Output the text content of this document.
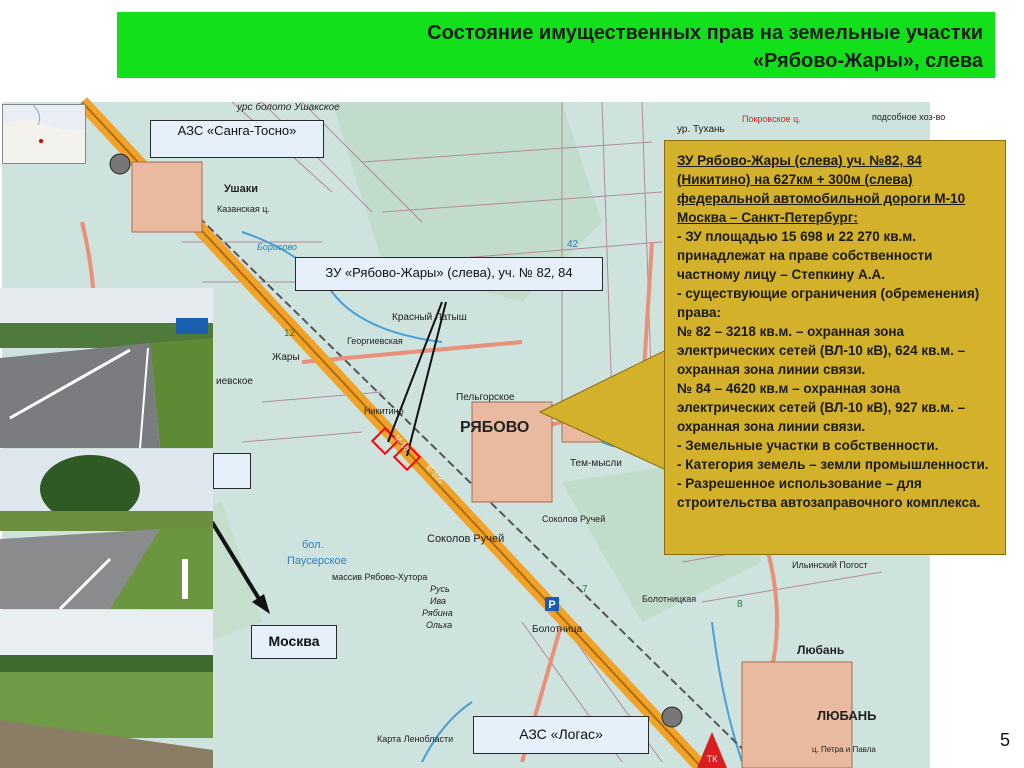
Состояние имущественных прав на земельные участки
«Рябово-Жары», слева
ТК
P
урс болото Ушакское
ур. Тухань
Покровское ц.	подсобное хоз-во
Ушаки
Казанская ц.
Борисово
Красный Латыш
Георгиевская
Жары
иевское
Никитино
Пельгорское
РЯБОВО
Тем-мысли
Соколов Ручей
Соколов Ручей
бол.
Паусерское
массив Рябово-Хутора
Русь
Ива
Рябина
Ольха	Болотница
Болотницкая
Ильинский Погост
Любань
ЛЮБАНЬ
ц. Петра и Павла
Карта Ленобласти
М-10
Е-105
12
7
8
42
АЗС «Санга-Тосно»
ЗУ «Рябово-Жары» (слева), уч. № 82, 84
Москва
АЗС «Логас»

ЗУ Рябово-Жары (слева) уч. №82, 84 (Никитино) на 627км + 300м (слева) федеральной автомобильной дороги М-10 Москва – Санкт-Петербург:

- ЗУ площадью 15 698 и 22 270 кв.м. принадлежат на праве собственности частному лицу – Степкину А.А.

- существующие ограничения (обременения) права:

№ 82 – 3218 кв.м. – охранная зона электрических сетей (ВЛ-10 кВ), 624 кв.м. – охранная зона линии связи.

№ 84 – 4620 кв.м – охранная зона электрических сетей (ВЛ-10 кВ), 927 кв.м. – охранная зона линии связи.

- Земельные участки в собственности.

- Категория земель – земли промышленности.

- Разрешенное использование – для строительства автозаправочного комплекса.

5
